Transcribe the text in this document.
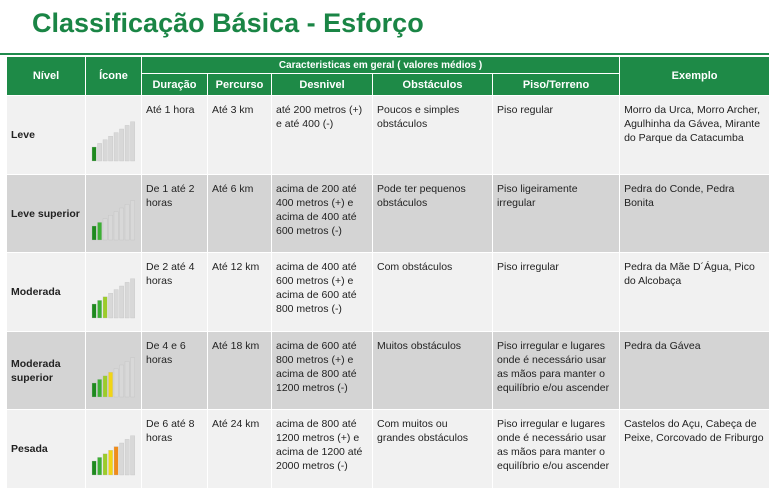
Classificação Básica - Esforço
Nível	Ícone	Caracteristicas em geral ( valores médios )					Exemplo
		Duração	Percurso	Desnivel	Obstáculos	Piso/Terreno	
Leve		Até 1 hora	Até 3 km	até 200 metros (+) e até 400 (-)	Poucos e simples obstáculos	Piso regular	Morro da Urca, Morro Archer, Agulhinha da Gávea, Mirante do Parque da Catacumba
Leve superior		De 1 até 2 horas	Até 6 km	acima de 200 até 400 metros (+) e acima de 400 até 600 metros (-)	Pode ter pequenos obstáculos	Piso ligeiramente irregular	Pedra do Conde, Pedra Bonita
Moderada		De 2 até 4 horas	Até 12 km	acima de 400 até 600 metros (+) e acima de 600 até 800 metros (-)	Com obstáculos	Piso irregular	Pedra da Mãe D´Água, Pico do Alcobaça
Moderada superior		De 4 e 6 horas	Até 18 km	acima de 600 até 800 metros (+) e acima de 800 até 1200 metros (-)	Muitos obstáculos	Piso irregular e lugares onde é necessário usar as mãos para manter o equilíbrio e/ou ascender	Pedra da Gávea
Pesada		De 6 até 8 horas	Até 24 km	acima de 800 até 1200 metros (+) e acima de 1200 até 2000 metros (-)	Com muitos ou grandes obstáculos	Piso irregular e lugares onde é necessário usar as mãos para manter o equilíbrio e/ou ascender	Castelos do Açu, Cabeça de Peixe, Corcovado de Friburgo
